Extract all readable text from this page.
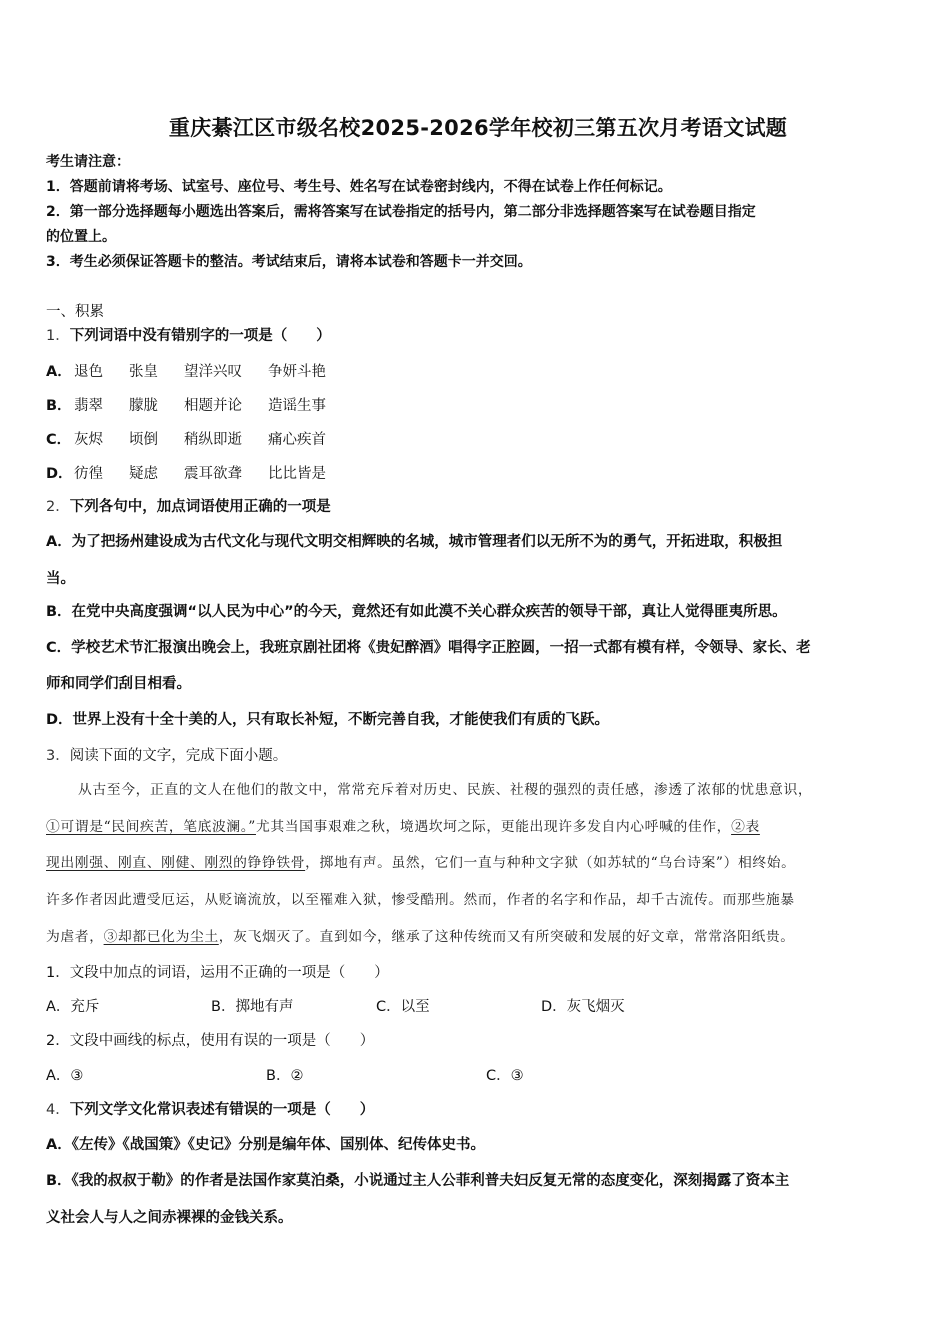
重庆綦江区市级名校2025-2026学年校初三第五次月考语文试题
考生请注意：
1．答题前请将考场、试室号、座位号、考生号、姓名写在试卷密封线内，不得在试卷上作任何标记。
2．第一部分选择题每小题选出答案后，需将答案写在试卷指定的括号内，第二部分非选择题答案写在试卷题目指定
的位置上。
3．考生必须保证答题卡的整洁。考试结束后，请将本试卷和答题卡一并交回。
一、积累
1．下列词语中没有错别字的一项是（　　）
A． 退色 张皇 望洋兴叹 争妍斗艳
B． 翡翠 朦胧 相题并论 造谣生事
C． 灰烬 顷倒 稍纵即逝 痛心疾首
D．彷徨 疑虑 震耳欲聋 比比皆是
2．下列各句中，加点词语使用正确的一项是
A．为了把扬州建设成为古代文化与现代文明交相辉映的名城，城市管理者们以无所不为的勇气，开拓进取，积极担
当。
B．在党中央高度强调“以人民为中心”的今天，竟然还有如此漠不关心群众疾苦的领导干部，真让人觉得匪夷所思。
C．学校艺术节汇报演出晚会上，我班京剧社团将《贵妃醉酒》唱得字正腔圆，一招一式都有模有样，令领导、家长、老
师和同学们刮目相看。
D．世界上没有十全十美的人，只有取长补短，不断完善自我，才能使我们有质的飞跃。
3．阅读下面的文字，完成下面小题。
从古至今，正直的文人在他们的散文中，常常充斥着对历史、民族、社稷的强烈的责任感，渗透了浓郁的忧患意识，
①可谓是“民间疾苦，笔底波澜。”尤其当国事艰难之秋，境遇坎坷之际，更能出现许多发自内心呼喊的佳作，②表
现出刚强、刚直、刚健、刚烈的铮铮铁骨，掷地有声。虽然，它们一直与种种文字狱（如苏轼的“乌台诗案”）相终始。
许多作者因此遭受厄运，从贬谪流放，以至罹难入狱，惨受酷刑。然而，作者的名字和作品，却千古流传。而那些施暴
为虐者，③却都已化为尘土，灰飞烟灭了。直到如今，继承了这种传统而又有所突破和发展的好文章，常常洛阳纸贵。
1．文段中加点的词语，运用不正确的一项是（　　）
A．充斥	B．掷地有声	C．以至	D．灰飞烟灭
2．文段中画线的标点，使用有误的一项是（　　）
A．③	B．②	C．③
4．下列文学文化常识表述有错误的一项是（　　）
A．《左传》《战国策》《史记》分别是编年体、国别体、纪传体史书。
B．《我的叔叔于勒》的作者是法国作家莫泊桑，小说通过主人公菲利普夫妇反复无常的态度变化，深刻揭露了资本主
义社会人与人之间赤裸裸的金钱关系。
